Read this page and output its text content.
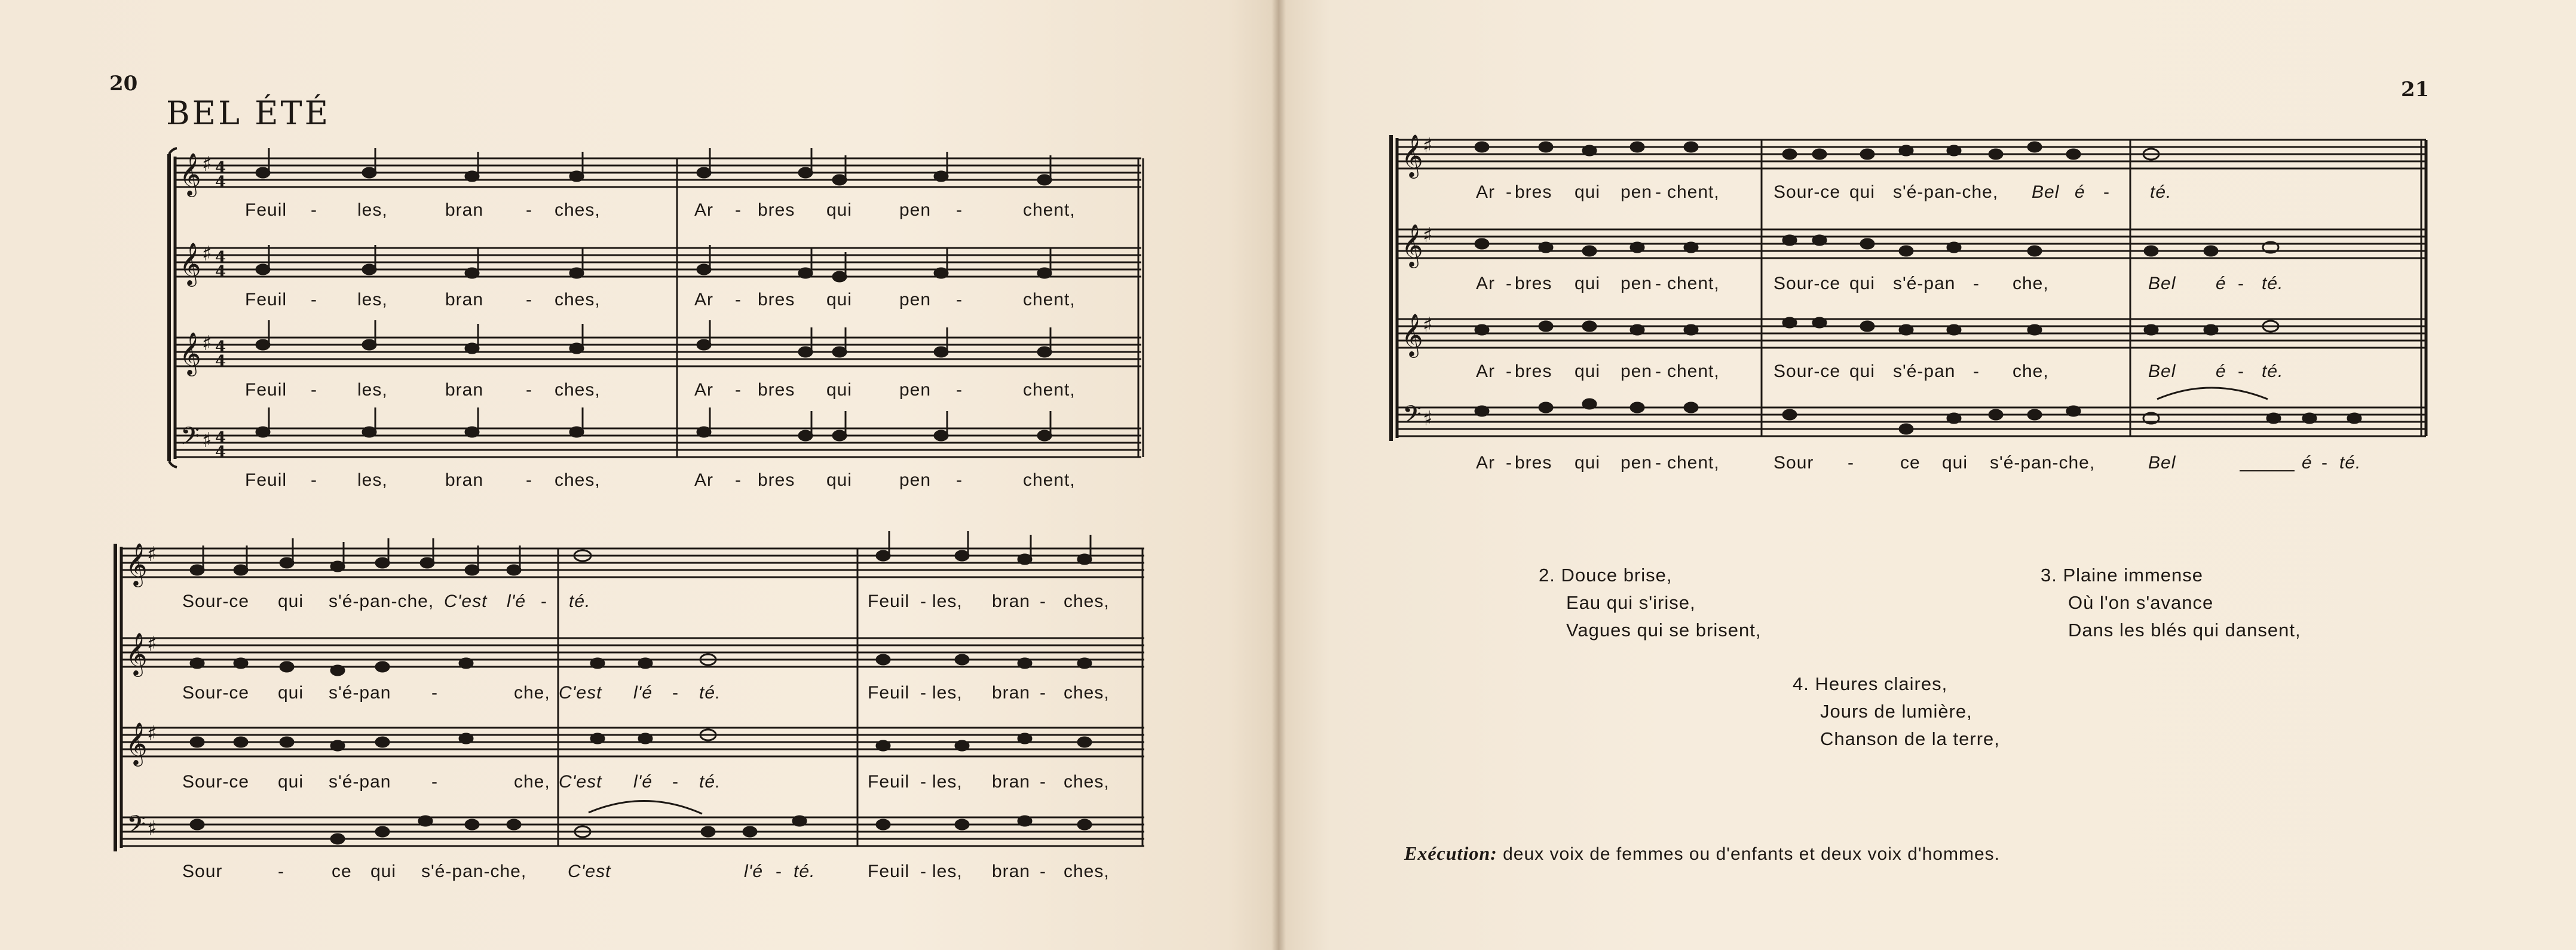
20
BEL ÉTÉ
𝄞
𝄞
𝄞
𝄢
♯
♯
♯
♯
4
4
4
4
4
4
4
4
Feuil - les,	bran - ches,	Ar - bres qui	pen -	chent,
Feuil - les,	bran - ches,	Ar - bres qui	pen -	chent,
Feuil - les,	bran - ches,	Ar - bres qui	pen -	chent,
Feuil - les,	bran - ches,	Ar - bres qui	pen -	chent,
𝄞
𝄞
𝄞
𝄢
♯
♯
♯
♯
Sour-ce qui s'é-pan-che, C'est l'é - té.	Feuil - les, bran - ches,
Sour-ce qui s'é-pan -	che, C'est l'é - té.	Feuil - les, bran - ches,
Sour-ce qui s'é-pan -	che, C'est l'é - té.	Feuil - les, bran - ches,
Sour	-	ce qui s'é-pan-che, C'est	l'é - té.	Feuil - les, bran - ches,
21
𝄞
𝄞
𝄞
𝄢
♯
♯
♯
♯
Ar - bres qui pen - chent,	Sour-ce qui s'é-pan-che, Bel é - té.
Ar - bres qui pen - chent,	Sour-ce qui s'é-pan - che,	Bel é - té.
Ar - bres qui pen - chent,	Sour-ce qui s'é-pan - che,	Bel é - té.
Ar - bres qui pen - chent,	Sour -	ce qui s'é-pan-che,	Bel	é - té.
2. Douce brise,
Eau qui s'irise,
Vagues qui se brisent,
3. Plaine immense
Où l'on s'avance
Dans les blés qui dansent,
4. Heures claires,
Jours de lumière,
Chanson de la terre,
Exécution: deux voix de femmes ou d'enfants et deux voix d'hommes.
